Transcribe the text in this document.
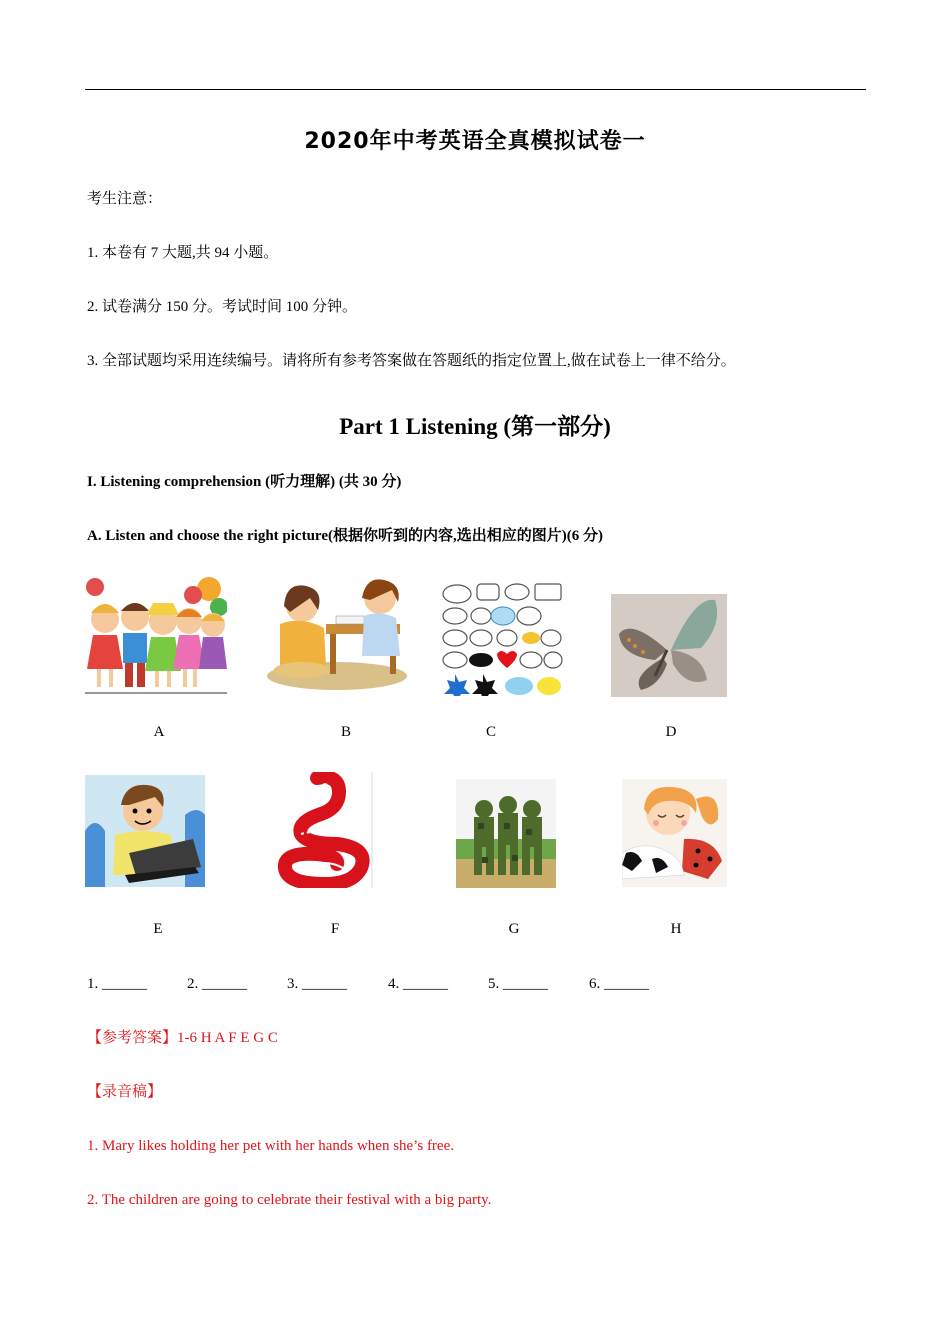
2020年中考英语全真模拟试卷一
考生注意：
1. 本卷有 7 大题,共 94 小题。
2. 试卷满分 150 分。考试时间 100 分钟。
3. 全部试题均采用连续编号。请将所有参考答案做在答题纸的指定位置上,做在试卷上一律不给分。
Part 1 Listening (第一部分)
I. Listening comprehension (听力理解) (共 30 分)
A. Listen and choose the right picture(根据你听到的内容,选出相应的图片)(6 分)
A	B	C	D
E	F	G	H
1. ______	2. ______	3. ______	4. ______	5. ______	6. ______
【参考答案】1-6 H A F E G C
【录音稿】
1. Mary likes holding her pet with her hands when she’s free.
2. The children are going to celebrate their festival with a big party.
